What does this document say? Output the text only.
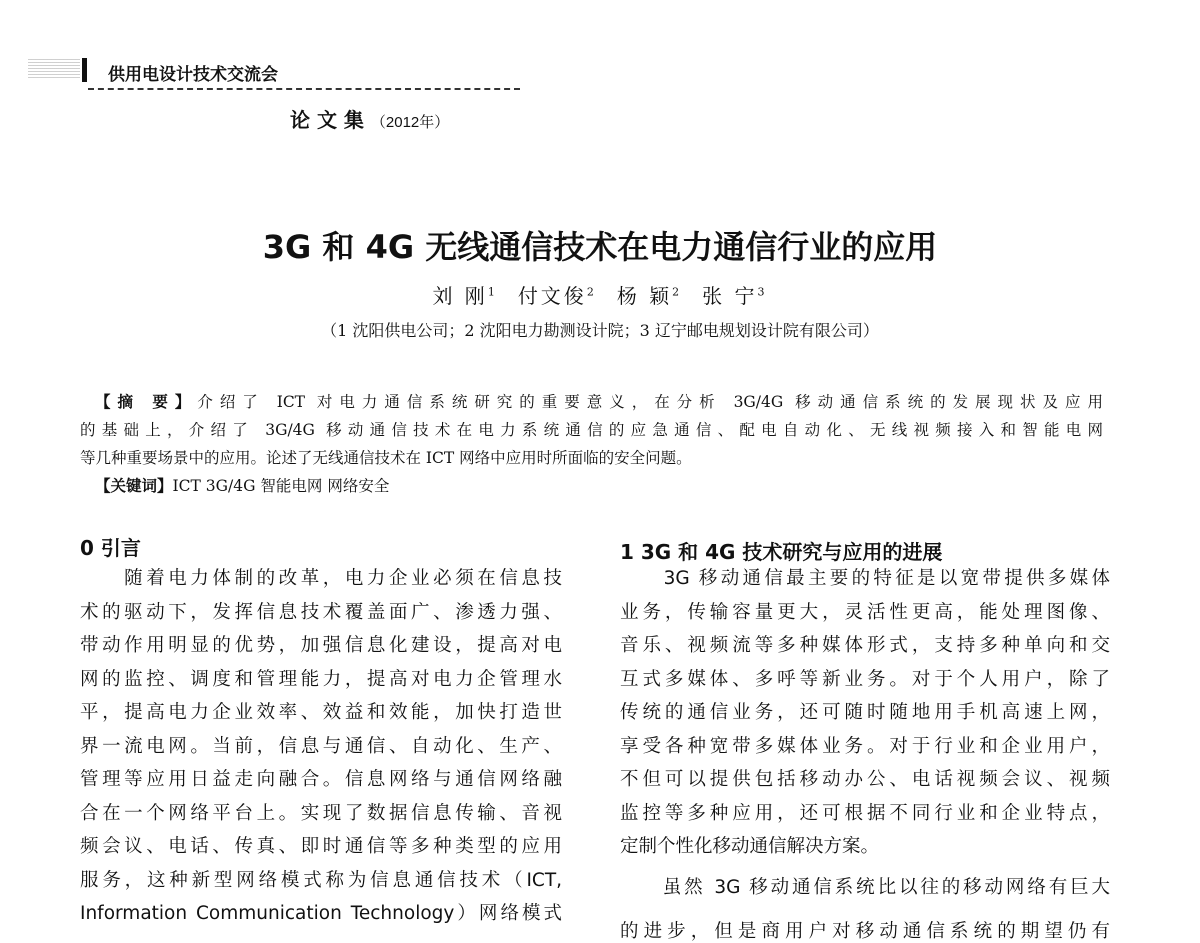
供用电设计技术交流会
论 文 集 （2012年）
3G 和 4G 无线通信技术在电力通信行业的应用
刘 刚$^1$ 付文俊$^2$ 杨 颖$^2$ 张 宁$^3$
（1 沈阳供电公司；2 沈阳电力勘测设计院；3 辽宁邮电规划设计院有限公司）
【摘 要】介绍了 ICT 对电力通信系统研究的重要意义，在分析 3G/4G 移动通信系统的发展现状及应用
的基础上，介绍了 3G/4G 移动通信技术在电力系统通信的应急通信、配电自动化、无线视频接入和智能电网
等几种重要场景中的应用。论述了无线通信技术在 ICT 网络中应用时所面临的安全问题。
【关键词】ICT 3G/4G 智能电网 网络安全
0 引言	1 3G 和 4G 技术研究与应用的进展
　　随着电力体制的改革，电力企业必须在信息技
术的驱动下，发挥信息技术覆盖面广、渗透力强、
带动作用明显的优势，加强信息化建设，提高对电
网的监控、调度和管理能力，提高对电力企管理水
平，提高电力企业效率、效益和效能，加快打造世
界一流电网。当前，信息与通信、自动化、生产、
管理等应用日益走向融合。信息网络与通信网络融
合在一个网络平台上。实现了数据信息传输、音视
频会议、电话、传真、即时通信等多种类型的应用
服务，这种新型网络模式称为信息通信技术（ICT,
Information Communication Technology）网络模式
　　3G 移动通信最主要的特征是以宽带提供多媒体
业务，传输容量更大，灵活性更高，能处理图像、
音乐、视频流等多种媒体形式，支持多种单向和交
互式多媒体、多呼等新业务。对于个人用户，除了
传统的通信业务，还可随时随地用手机高速上网，
享受各种宽带多媒体业务。对于行业和企业用户，
不但可以提供包括移动办公、电话视频会议、视频
监控等多种应用，还可根据不同行业和企业特点，
定制个性化移动通信解决方案。
　　虽然 3G 移动通信系统比以往的移动网络有巨大
的进步，但是商用户对移动通信系统的期望仍有
